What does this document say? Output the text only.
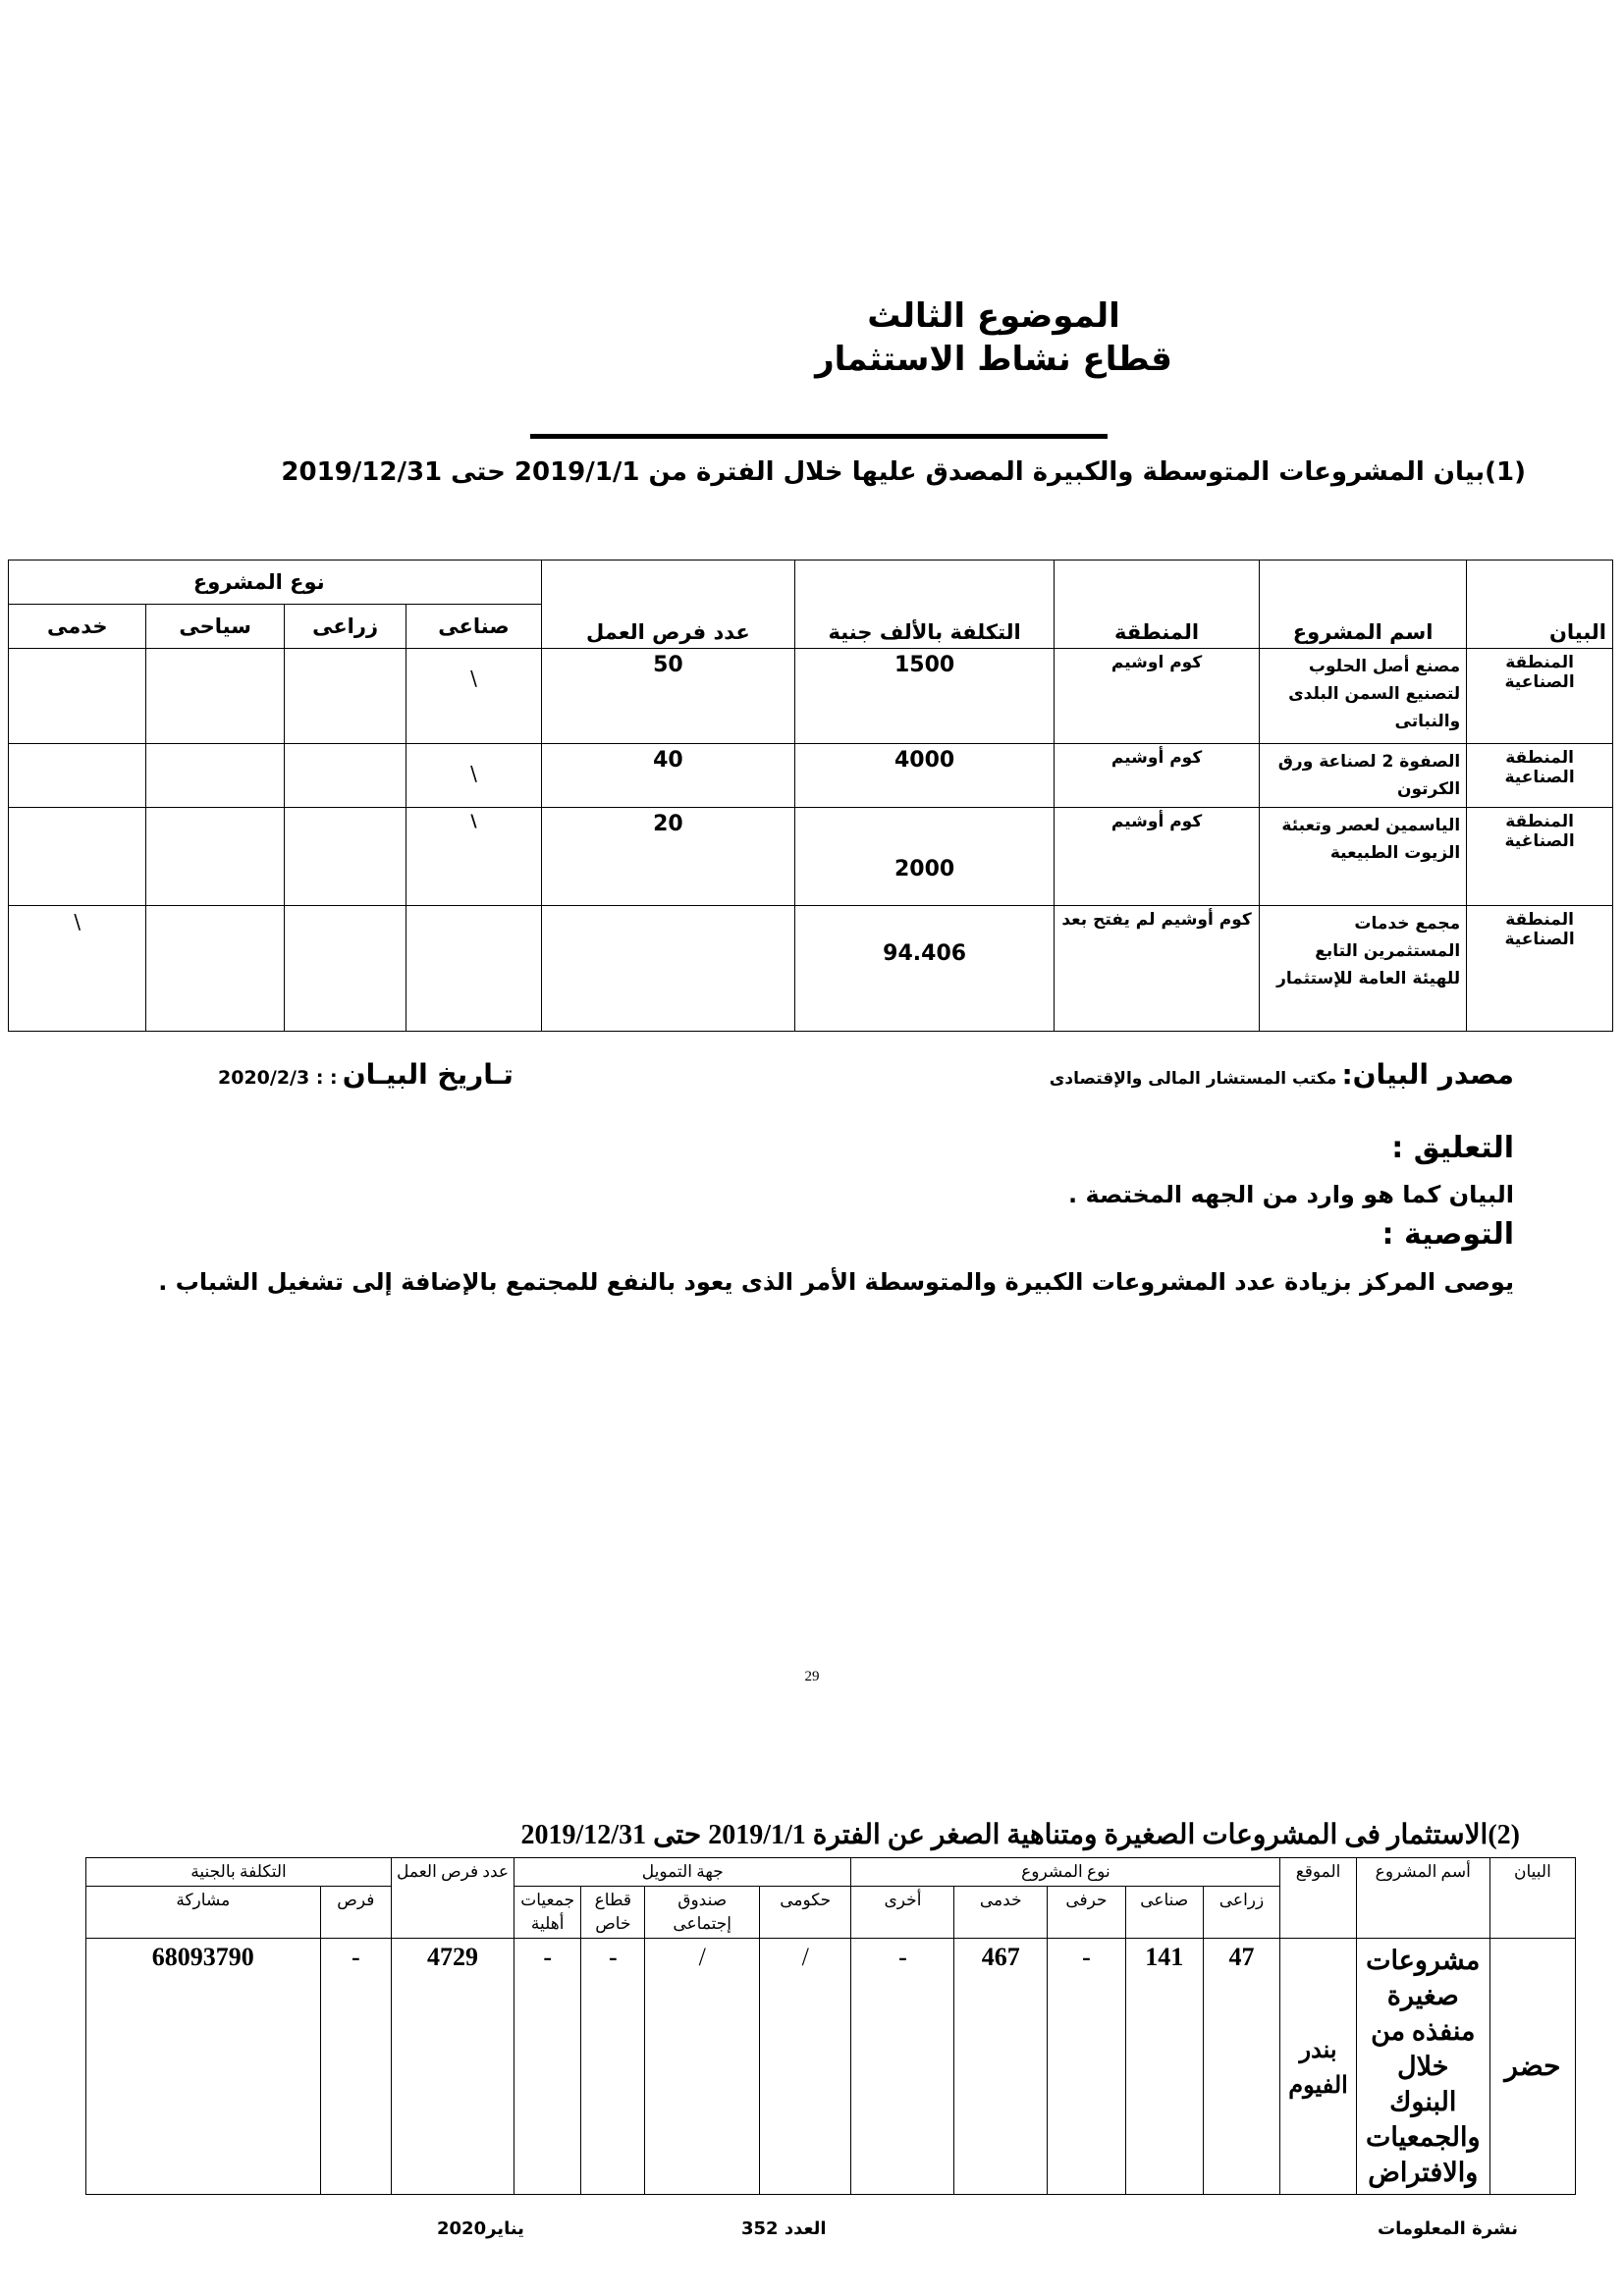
الموضوع الثالث
قطاع نشاط الاستثمار
(1)بيان المشروعات المتوسطة والكبيرة المصدق عليها خلال الفترة من 2019/1/1 حتى 2019/12/31
البيان	اسم المشروع	المنطقة	التكلفة بالألف جنية	عدد فرص العمل	نوع المشروع			
					صناعى	زراعى	سياحى	خدمى
المنطقة الصناعية	مصنع أصل الحلوب لتصنيع السمن البلدى والنباتى	كوم اوشيم	1500	50	\			

المنطقة الصناعية	الصفوة 2 لصناعة ورق الكرتون	كوم أوشيم	4000	40	\			

المنطقة الصناغية	الياسمين لعصر وتعبئة الزيوت الطبيعية	كوم أوشيم	2000	20	\			
المنطقة الصناعية	مجمع خدمات المستثمرين التابع للهيئة العامة للإستثمار	كوم أوشيم لم يفتح بعد	94.406					\
مصدر البيان: مكتب المستشار المالى والإقتصادى
تـاريخ البيـان : : 2020/2/3
التعليق :
البيان كما هو وارد من الجهه المختصة .
التوصية :
يوصى المركز بزيادة عدد المشروعات الكبيرة والمتوسطة الأمر الذى يعود بالنفع للمجتمع بالإضافة إلى تشغيل الشباب .
29
(2)الاستثمار فى المشروعات الصغيرة ومتناهية الصغر عن الفترة 2019/1/1 حتى 2019/12/31
البيان	أسم المشروع	الموقع	نوع المشروع					جهة التمويل				عدد فرص العمل	التكلفة بالجنية	
			زراعى	صناعى	حرفى	خدمى	أخرى	حكومى	صندوق إجتماعى	قطاع خاص	جمعيات أهلية		فرص	مشاركة
حضر	مشروعات صغيرة منفذه من خلال البنوك والجمعيات والافتراض	بندر الفيوم	47	141	-	467	-	/	/	-	-	4729	-	68093790
نشرة المعلومات
العدد 352
يناير2020
